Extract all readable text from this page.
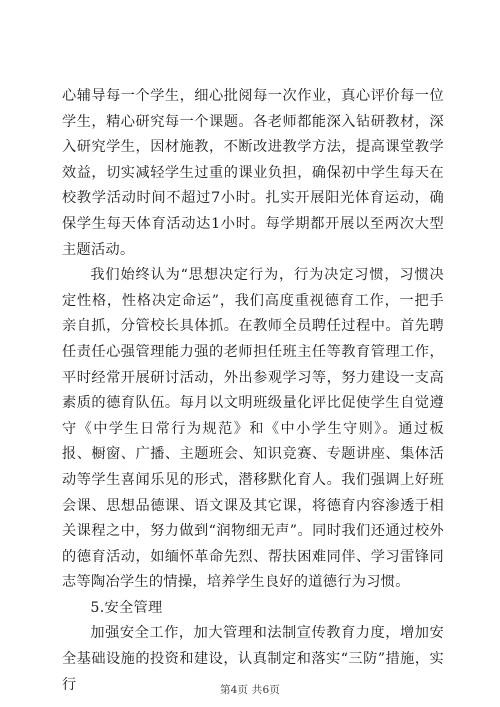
心辅导每一个学生，细心批阅每一次作业，真心评价每一位学生，精心研究每一个课题。各老师都能深入钻研教材，深入研究学生，因材施教，不断改进教学方法，提高课堂教学效益，切实减轻学生过重的课业负担，确保初中学生每天在校教学活动时间不超过7小时。扎实开展阳光体育运动，确保学生每天体育活动达1小时。每学期都开展以至两次大型主题活动。

我们始终认为“思想决定行为，行为决定习惯，习惯决定性格，性格决定命运”，我们高度重视德育工作，一把手亲自抓，分管校长具体抓。在教师全员聘任过程中。首先聘任责任心强管理能力强的老师担任班主任等教育管理工作，平时经常开展研讨活动，外出参观学习等，努力建设一支高素质的德育队伍。每月以文明班级量化评比促使学生自觉遵守《中学生日常行为规范》和《中小学生守则》。通过板报、橱窗、广播、主题班会、知识竞赛、专题讲座、集体活动等学生喜闻乐见的形式，潜移默化育人。我们强调上好班会课、思想品德课、语文课及其它课，将德育内容渗透于相关课程之中，努力做到“润物细无声”。同时我们还通过校外的德育活动，如缅怀革命先烈、帮扶困难同伴、学习雷锋同志等陶冶学生的情操，培养学生良好的道德行为习惯。

5.安全管理

加强安全工作，加大管理和法制宣传教育力度，增加安全基础设施的投资和建设，认真制定和落实“三防”措施，实行	第4页 共6页
